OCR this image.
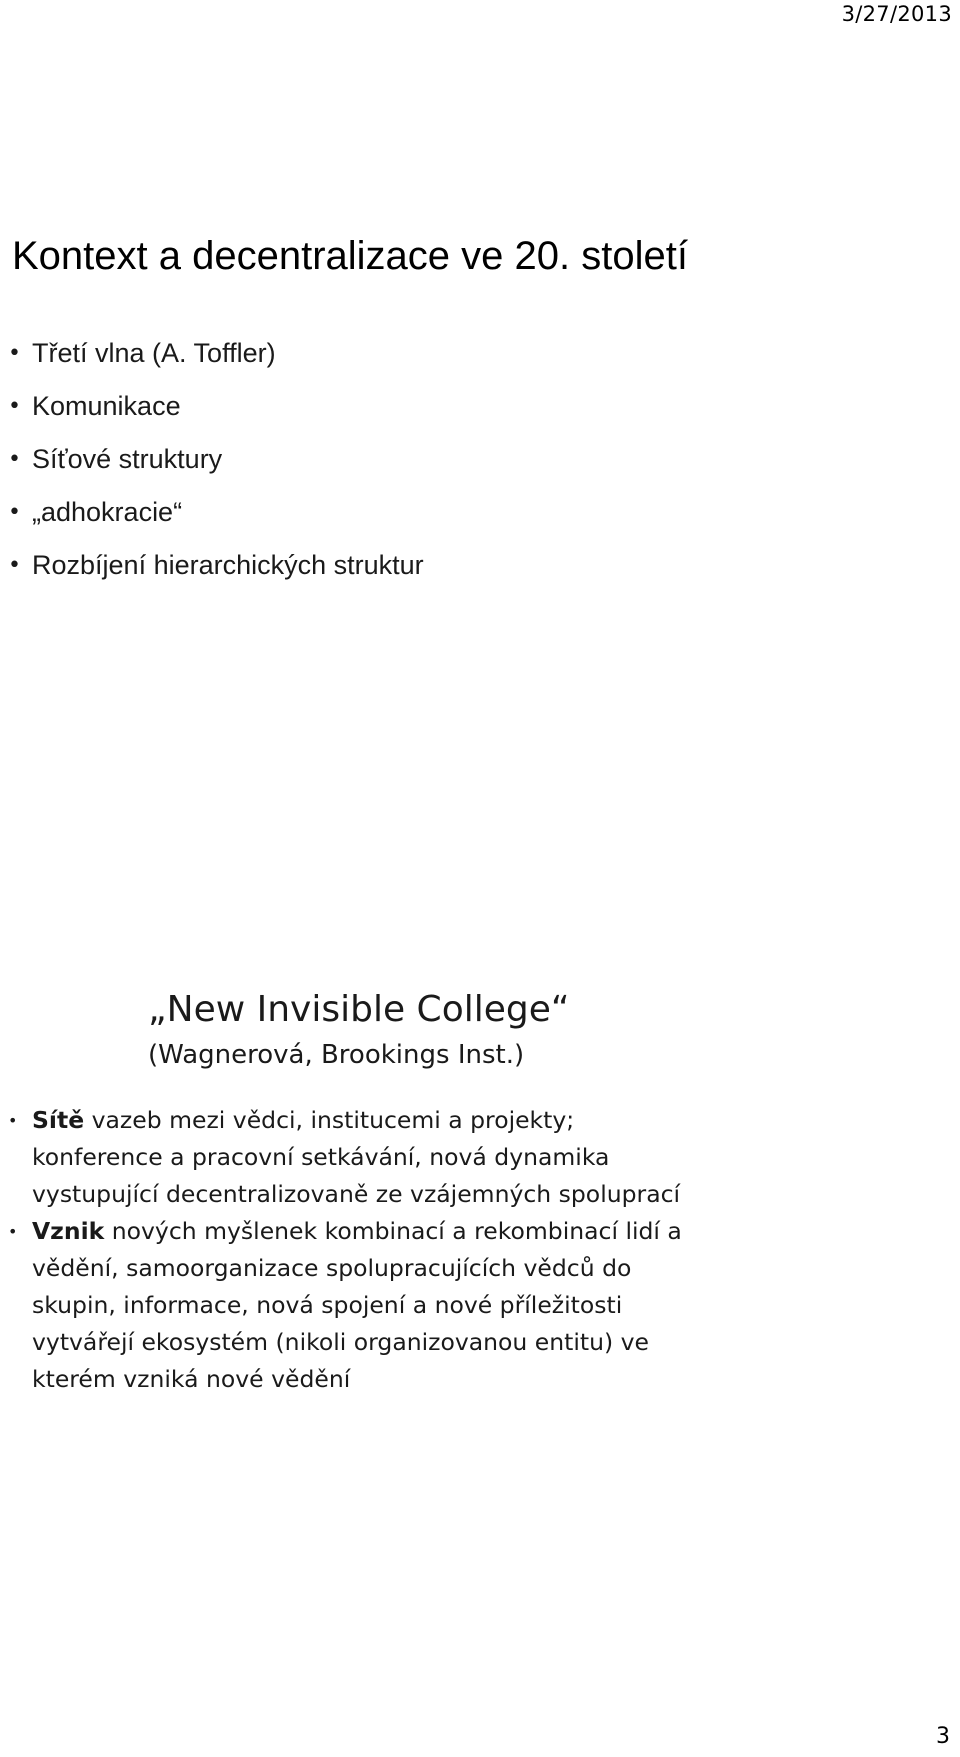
3/27/2013
Kontext a decentralizace ve 20. století
• Třetí vlna (A. Toffler)
• Komunikace
• Síťové struktury
• „adhokracie“
• Rozbíjení hierarchických struktur
„New Invisible College“
(Wagnerová, Brookings Inst.)
• Sítě vazeb mezi vědci, institucemi a projekty; konference a pracovní setkávání, nová dynamika vystupující decentralizovaně ze vzájemných spoluprací
• Vznik nových myšlenek kombinací a rekombinací lidí a vědění, samoorganizace spolupracujících vědců do skupin, informace, nová spojení a nové příležitosti vytvářejí ekosystém (nikoli organizovanou entitu) ve kterém vzniká nové vědění
3
